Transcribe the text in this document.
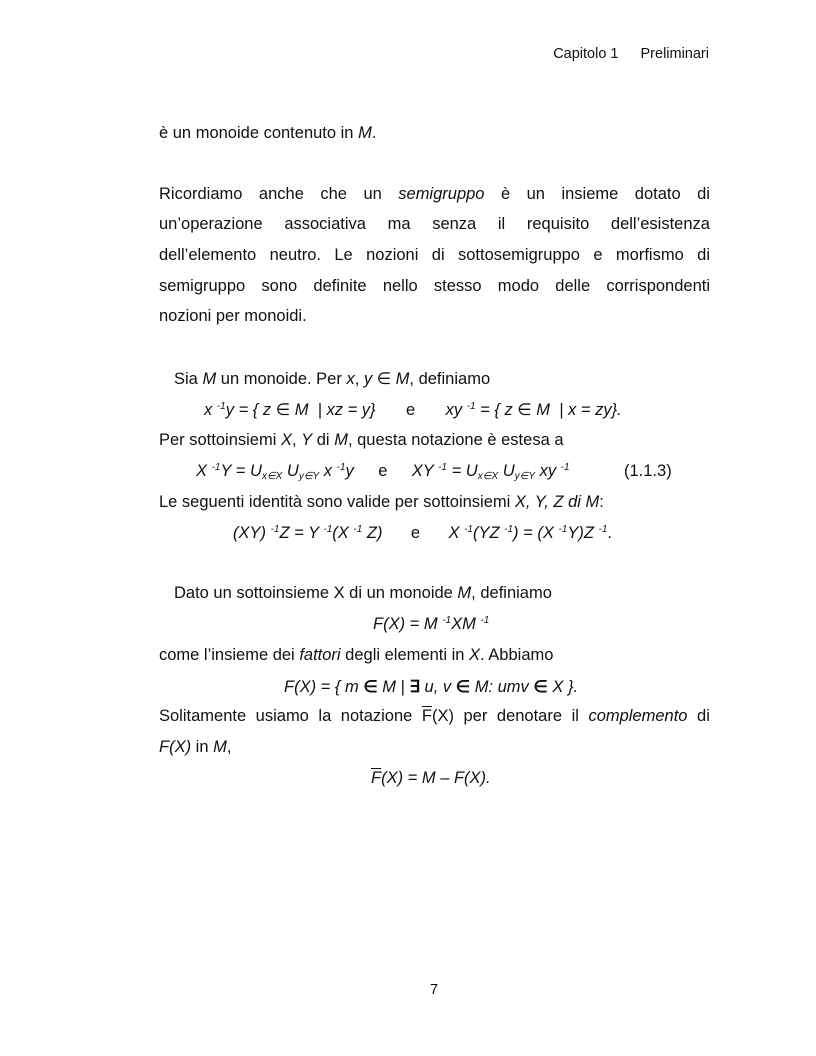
Capitolo 1 Preliminari
è un monoide contenuto in M.
Ricordiamo anche che un semigruppo è un insieme dotato di
un’operazione associativa ma senza il requisito dell’esistenza
dell’elemento neutro. Le nozioni di sottosemigruppo e morfismo di
semigruppo sono definite nello stesso modo delle corrispondenti
nozioni per monoidi.
Sia M un monoide. Per x, y ∈ M, definiamo
x $^{-1}$y = { z ∈ M  | xz = y} e xy $^{-1}$ = { z ∈ M  | x = zy}.
Per sottoinsiemi X, Y di M, questa notazione è estesa a
X $^{-1}Y = U_{x\in X}$ $U_{y\in Y}$ x $^{-1}$y e XY $^{-1} = U_{x\in X}$ $U_{y\in Y}$ xy $^{-1}$	(1.1.3)
Le seguenti identità sono valide per sottoinsiemi X, Y, Z di M:
(XY) $^{-1}$Z = Y $^{-1}$(X $^{-1}$ Z) e X $^{-1}$(YZ $^{-1}$) = (X $^{-1}$Y)Z $^{-1}$.
Dato un sottoinsieme X di un monoide M, definiamo
F(X) = M $^{-1}$XM $^{-1}$
come l’insieme dei fattori degli elementi in X. Abbiamo
F(X) = { m ∈ M | ∃ u, v ∈ M: umv ∈ X }.
Solitamente usiamo la notazione $\overline{F}(X)$ per denotare il complemento di
F(X) in M,
$\overline{F}(X) = M - F(X)$.
7
